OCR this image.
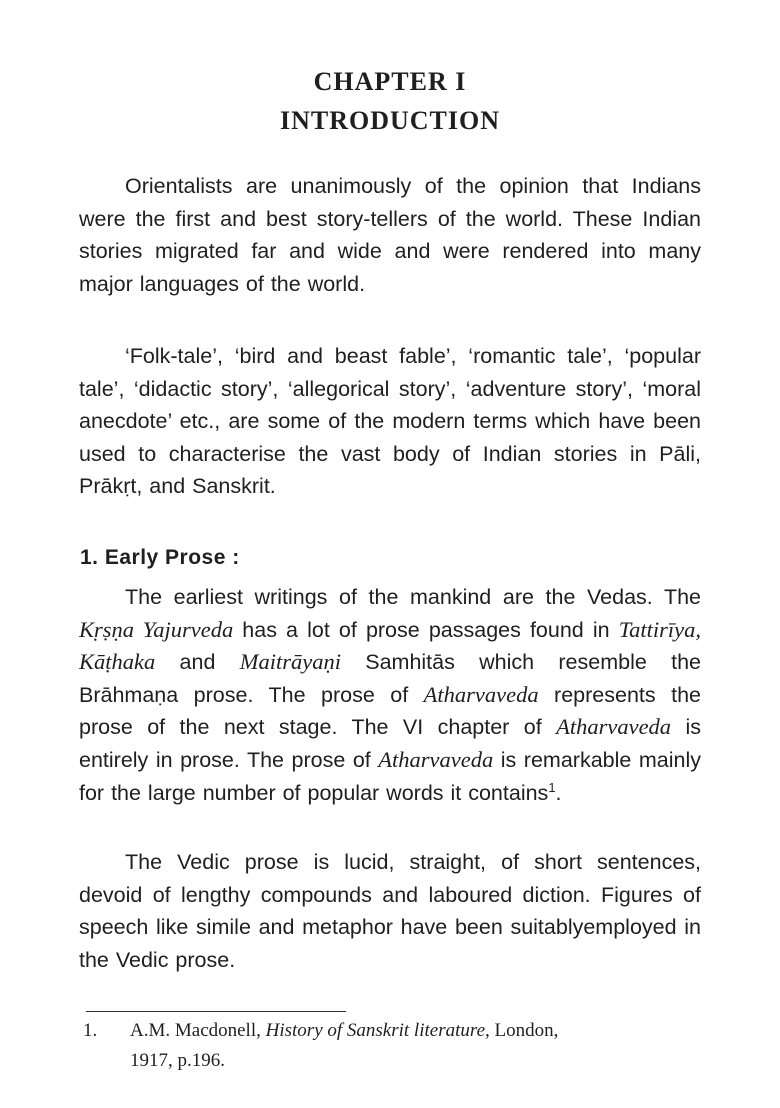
CHAPTER I
INTRODUCTION

Orientalists are unanimously of the opinion that Indians were the first and best story-tellers of the world. These Indian stories migrated far and wide and were rendered into many major languages of the world.

‘Folk-tale’, ‘bird and beast fable’, ‘romantic tale’, ‘popular tale’, ‘didactic story’, ‘allegorical story’, ‘adventure story’, ‘moral anecdote’ etc., are some of the modern terms which have been used to characterise the vast body of Indian stories in Pāli, Prākṛt, and Sanskrit.

1. Early Prose :

The earliest writings of the mankind are the Vedas. The Kṛṣṇa Yajurveda has a lot of prose passages found in Tattirīya, Kāṭhaka and Maitrāyaṇi Samhitās which resemble the Brāhmaṇa prose. The prose of Atharvaveda represents the prose of the next stage. The VI chapter of Atharvaveda is entirely in prose. The prose of Atharvaveda is remarkable mainly for the large number of popular words it contains$^1$.

The Vedic prose is lucid, straight, of short sentences, devoid of lengthy compounds and laboured diction. Figures of speech like simile and metaphor have been suitablyemployed in the Vedic prose.

1. A.M. Macdonell, History of Sanskrit literature, London,
1917, p.196.
